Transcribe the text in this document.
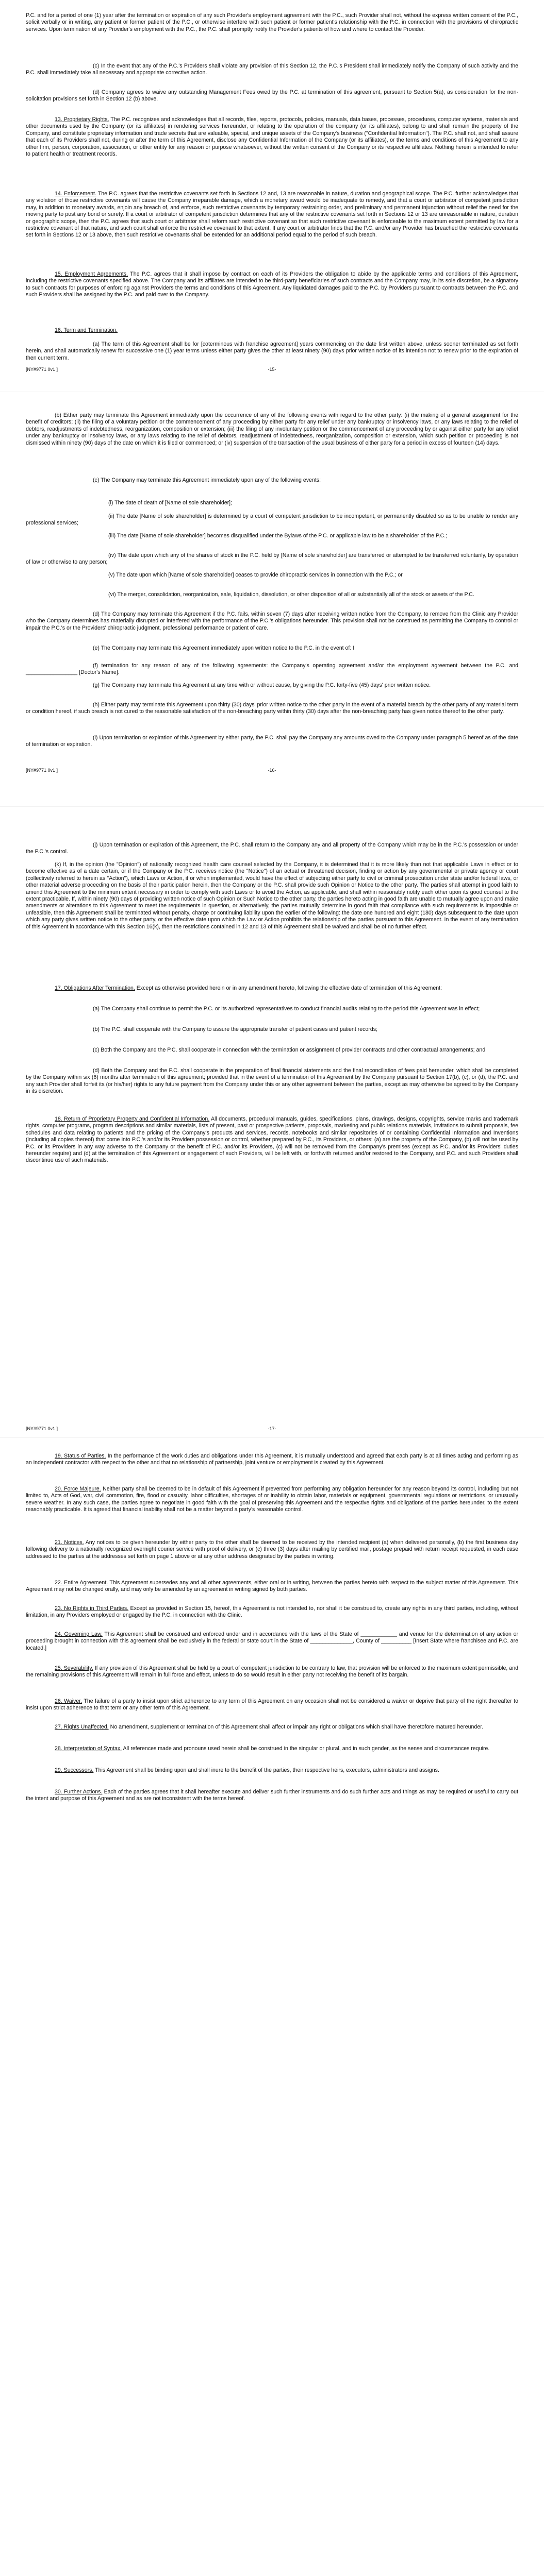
P.C. and for a period of one (1) year after the termination or expiration of any such Provider's employment agreement with the P.C., such Provider shall not, without the express written consent of the P.C., solicit verbally or in writing, any patient or former patient of the P.C., or otherwise interfere with such patient or former patient's relationship with the P.C. in connection with the provisions of chiropractic services. Upon termination of any Provider's employment with the P.C., the P.C. shall promptly notify the Provider's patients of how and where to contact the Provider.

(c) In the event that any of the P.C.'s Providers shall violate any provision of this Section 12, the P.C.'s President shall immediately notify the Company of such activity and the P.C. shall immediately take all necessary and appropriate corrective action.

(d) Company agrees to waive any outstanding Management Fees owed by the P.C. at termination of this agreement, pursuant to Section 5(a), as consideration for the non-solicitation provisions set forth in Section 12 (b) above.

13. Proprietary Rights. The P.C. recognizes and acknowledges that all records, files, reports, protocols, policies, manuals, data bases, processes, procedures, computer systems, materials and other documents used by the Company (or its affiliates) in rendering services hereunder, or relating to the operation of the company (or its affiliates), belong to and shall remain the property of the Company, and constitute proprietary information and trade secrets that are valuable, special, and unique assets of the Company's business ("Confidential Information"). The P.C. shall not, and shall assure that each of its Providers shall not, during or after the term of this Agreement, disclose any Confidential Information of the Company (or its affiliates), or the terms and conditions of this Agreement to any other firm, person, corporation, association, or other entity for any reason or purpose whatsoever, without the written consent of the Company or its respective affiliates. Nothing herein is intended to refer to patient health or treatment records.

14. Enforcement. The P.C. agrees that the restrictive covenants set forth in Sections 12 and, 13 are reasonable in nature, duration and geographical scope. The P.C. further acknowledges that any violation of those restrictive covenants will cause the Company irreparable damage, which a monetary award would be inadequate to remedy, and that a court or arbitrator of competent jurisdiction may, in addition to monetary awards, enjoin any breach of, and enforce, such restrictive covenants by temporary restraining order, and preliminary and permanent injunction without relief the need for the moving party to post any bond or surety. If a court or arbitrator of competent jurisdiction determines that any of the restrictive covenants set forth in Sections 12 or 13 are unreasonable in nature, duration or geographic scope, then the P.C. agrees that such court or arbitrator shall reform such restrictive covenant so that such restrictive covenant is enforceable to the maximum extent permitted by law for a restrictive covenant of that nature, and such court shall enforce the restrictive covenant to that extent. If any court or arbitrator finds that the P.C. and/or any Provider has breached the restrictive covenants set forth in Sections 12 or 13 above, then such restrictive covenants shall be extended for an additional period equal to the period of such breach.

15. Employment Agreements. The P.C. agrees that it shall impose by contract on each of its Providers the obligation to abide by the applicable terms and conditions of this Agreement, including the restrictive covenants specified above. The Company and its affiliates are intended to be third-party beneficiaries of such contracts and the Company may, in its sole discretion, be a signatory to such contracts for purposes of enforcing against Providers the terms and conditions of this Agreement. Any liquidated damages paid to the P.C. by Providers pursuant to contracts between the P.C. and such Providers shall be assigned by the P.C. and paid over to the Company.

16. Term and Termination.

(a) The term of this Agreement shall be for [coterminous with franchise agreement] years commencing on the date first written above, unless sooner terminated as set forth herein, and shall automatically renew for successive one (1) year terms unless either party gives the other at least ninety (90) days prior written notice of its intention not to renew prior to the expiration of then current term.

[NY#9771 0v1 ]	-15-

(b) Either party may terminate this Agreement immediately upon the occurrence of any of the following events with regard to the other party: (i) the making of a general assignment for the benefit of creditors; (ii) the filing of a voluntary petition or the commencement of any proceeding by either party for any relief under any bankruptcy or insolvency laws, or any laws relating to the relief of debtors, readjustments of indebtedness, reorganization, composition or extension; (iii) the filing of any involuntary petition or the commencement of any proceeding by or against either party for any relief under any bankruptcy or insolvency laws, or any laws relating to the relief of debtors, readjustment of indebtedness, reorganization, composition or extension, which such petition or proceeding is not dismissed within ninety (90) days of the date on which it is filed or commenced; or (iv) suspension of the transaction of the usual business of either party for a period in excess of fourteen (14) days.

(c) The Company may terminate this Agreement immediately upon any of the following events:

(i) The date of death of [Name of sole shareholder];

(ii) The date [Name of sole shareholder] is determined by a court of competent jurisdiction to be incompetent, or permanently disabled so as to be unable to render any professional services;

(iii) The date [Name of sole shareholder] becomes disqualified under the Bylaws of the P.C. or applicable law to be a shareholder of the P.C.;

(iv) The date upon which any of the shares of stock in the P.C. held by [Name of sole shareholder] are transferred or attempted to be transferred voluntarily, by operation of law or otherwise to any person;

(v) The date upon which [Name of sole shareholder] ceases to provide chiropractic services in connection with the P.C.; or

(vi) The merger, consolidation, reorganization, sale, liquidation, dissolution, or other disposition of all or substantially all of the stock or assets of the P.C.

(d) The Company may terminate this Agreement if the P.C. fails, within seven (7) days after receiving written notice from the Company, to remove from the Clinic any Provider who the Company determines has materially disrupted or interfered with the performance of the P.C.'s obligations hereunder. This provision shall not be construed as permitting the Company to control or impair the P.C.'s or the Providers' chiropractic judgment, professional performance or patient of care.

(e) The Company may terminate this Agreement immediately upon written notice to the P.C. in the event of: I

(f) termination for any reason of any of the following agreements: the Company's operating agreement and/or the employment agreement between the P.C. and _________________ [Doctor's Name].

(g) The Company may terminate this Agreement at any time with or without cause, by giving the P.C. forty-five (45) days' prior written notice.

(h) Either party may terminate this Agreement upon thirty (30) days' prior written notice to the other party in the event of a material breach by the other party of any material term or condition hereof, if such breach is not cured to the reasonable satisfaction of the non-breaching party within thirty (30) days after the non-breaching party has given notice thereof to the other party.

(i) Upon termination or expiration of this Agreement by either party, the P.C. shall pay the Company any amounts owed to the Company under paragraph 5 hereof as of the date of termination or expiration.

[NY#9771 0v1 ]	-16-

(j) Upon termination or expiration of this Agreement, the P.C. shall return to the Company any and all property of the Company which may be in the P.C.'s possession or under the P.C.'s control.

(k) If, in the opinion (the "Opinion") of nationally recognized health care counsel selected by the Company, it is determined that it is more likely than not that applicable Laws in effect or to become effective as of a date certain, or if the Company or the P.C. receives notice (the "Notice") of an actual or threatened decision, finding or action by any governmental or private agency or court (collectively referred to herein as "Action"), which Laws or Action, if or when implemented, would have the effect of subjecting either party to civil or criminal prosecution under state and/or federal laws, or other material adverse proceeding on the basis of their participation herein, then the Company or the P.C. shall provide such Opinion or Notice to the other party. The parties shall attempt in good faith to amend this Agreement to the minimum extent necessary in order to comply with such Laws or to avoid the Action, as applicable, and shall within reasonably notify each other upon its good counsel to the extent practicable. If, within ninety (90) days of providing written notice of such Opinion or Such Notice to the other party, the parties hereto acting in good faith are unable to mutually agree upon and make amendments or alterations to this Agreement to meet the requirements in question, or alternatively, the parties mutually determine in good faith that compliance with such requirements is impossible or unfeasible, then this Agreement shall be terminated without penalty, charge or continuing liability upon the earlier of the following: the date one hundred and eight (180) days subsequent to the date upon which any party gives written notice to the other party, or the effective date upon which the Law or Action prohibits the relationship of the parties pursuant to this Agreement. In the event of any termination of this Agreement in accordance with this Section 16(k), then the restrictions contained in 12 and 13 of this Agreement shall be waived and shall be of no further effect.

17. Obligations After Termination. Except as otherwise provided herein or in any amendment hereto, following the effective date of termination of this Agreement:

(a) The Company shall continue to permit the P.C. or its authorized representatives to conduct financial audits relating to the period this Agreement was in effect;

(b) The P.C. shall cooperate with the Company to assure the appropriate transfer of patient cases and patient records;

(c) Both the Company and the P.C. shall cooperate in connection with the termination or assignment of provider contracts and other contractual arrangements; and

(d) Both the Company and the P.C. shall cooperate in the preparation of final financial statements and the final reconciliation of fees paid hereunder, which shall be completed by the Company within six (6) months after termination of this agreement; provided that in the event of a termination of this Agreement by the Company pursuant to Section 17(b), (c), or (d), the P.C. and any such Provider shall forfeit its (or his/her) rights to any future payment from the Company under this or any other agreement between the parties, except as may otherwise be agreed to by the Company in its discretion.

18. Return of Proprietary Property and Confidential Information. All documents, procedural manuals, guides, specifications, plans, drawings, designs, copyrights, service marks and trademark rights, computer programs, program descriptions and similar materials, lists of present, past or prospective patients, proposals, marketing and public relations materials, invitations to submit proposals, fee schedules and data relating to patients and the pricing of the Company's products and services, records, notebooks and similar repositories of or containing Confidential Information and Inventions (including all copies thereof) that come into P.C.'s and/or its Providers possession or control, whether prepared by P.C., its Providers, or others: (a) are the property of the Company, (b) will not be used by P.C. or its Providers in any way adverse to the Company or the benefit of P.C. and/or its Providers, (c) will not be removed from the Company's premises (except as P.C. and/or its Providers' duties hereunder require) and (d) at the termination of this Agreement or engagement of such Providers, will be left with, or forthwith returned and/or restored to the Company, and P.C. and such Providers shall discontinue use of such materials.

[NY#9771 0v1 ]	-17-

19. Status of Parties. In the performance of the work duties and obligations under this Agreement, it is mutually understood and agreed that each party is at all times acting and performing as an independent contractor with respect to the other and that no relationship of partnership, joint venture or employment is created by this Agreement.

20. Force Majeure. Neither party shall be deemed to be in default of this Agreement if prevented from performing any obligation hereunder for any reason beyond its control, including but not limited to, Acts of God, war, civil commotion, fire, flood or casualty, labor difficulties, shortages of or inability to obtain labor, materials or equipment, governmental regulations or restrictions, or unusually severe weather. In any such case, the parties agree to negotiate in good faith with the goal of preserving this Agreement and the respective rights and obligations of the parties hereunder, to the extent reasonably practicable. It is agreed that financial inability shall not be a matter beyond a party's reasonable control.

21. Notices. Any notices to be given hereunder by either party to the other shall be deemed to be received by the intended recipient (a) when delivered personally, (b) the first business day following delivery to a nationally recognized overnight courier service with proof of delivery, or (c) three (3) days after mailing by certified mail, postage prepaid with return receipt requested, in each case addressed to the parties at the addresses set forth on page 1 above or at any other address designated by the parties in writing.

22. Entire Agreement. This Agreement supersedes any and all other agreements, either oral or in writing, between the parties hereto with respect to the subject matter of this Agreement. This Agreement may not be changed orally, and may only be amended by an agreement in writing signed by both parties.

23. No Rights in Third Parties. Except as provided in Section 15, hereof, this Agreement is not intended to, nor shall it be construed to, create any rights in any third parties, including, without limitation, in any Providers employed or engaged by the P.C. in connection with the Clinic.

24. Governing Law. This Agreement shall be construed and enforced under and in accordance with the laws of the State of ____________ and venue for the determination of any action or proceeding brought in connection with this agreement shall be exclusively in the federal or state court in the State of ______________, County of __________ [Insert State where franchisee and P.C. are located.]

25. Severability. If any provision of this Agreement shall be held by a court of competent jurisdiction to be contrary to law, that provision will be enforced to the maximum extent permissible, and the remaining provisions of this Agreement will remain in full force and effect, unless to do so would result in either party not receiving the benefit of its bargain.

26. Waiver. The failure of a party to insist upon strict adherence to any term of this Agreement on any occasion shall not be considered a waiver or deprive that party of the right thereafter to insist upon strict adherence to that term or any other term of this Agreement.

27. Rights Unaffected. No amendment, supplement or termination of this Agreement shall affect or impair any right or obligations which shall have theretofore matured hereunder.

28. Interpretation of Syntax. All references made and pronouns used herein shall be construed in the singular or plural, and in such gender, as the sense and circumstances require.

29. Successors. This Agreement shall be binding upon and shall inure to the benefit of the parties, their respective heirs, executors, administrators and assigns.

30. Further Actions. Each of the parties agrees that it shall hereafter execute and deliver such further instruments and do such further acts and things as may be required or useful to carry out the intent and purpose of this Agreement and as are not inconsistent with the terms hereof.
